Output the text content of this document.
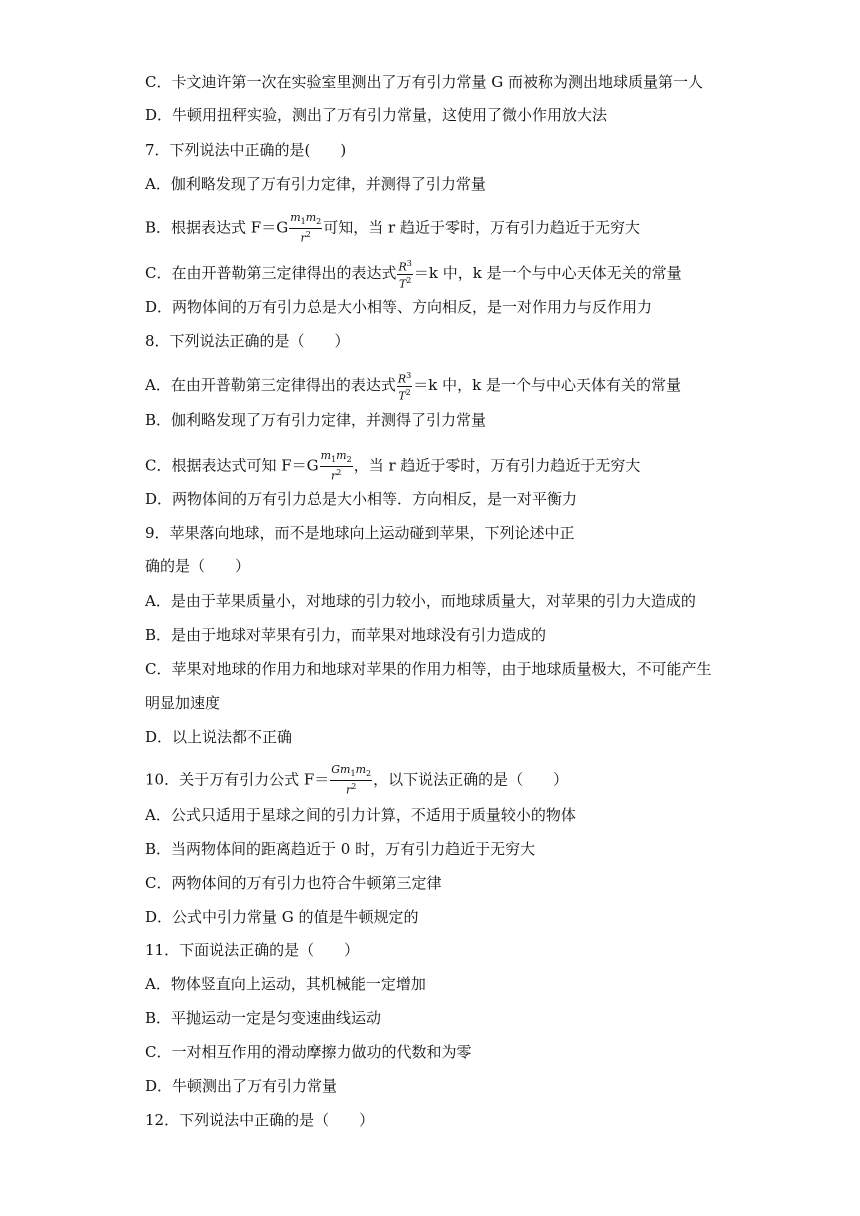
C．卡文迪许第一次在实验室里测出了万有引力常量 G 而被称为测出地球质量第一人
D．牛顿用扭秤实验，测出了万有引力常量，这使用了微小作用放大法
7．下列说法中正确的是(　　)
A．伽利略发现了万有引力定律，并测得了引力常量
B．根据表达式 $F=G \frac{m_1m_2}{r^2}$ 可知，当 r 趋近于零时，万有引力趋近于无穷大
C．在由开普勒第三定律得出的表达式 $\frac{R^3}{T^2} =k$ 中，k 是一个与中心天体无关的常量
D．两物体间的万有引力总是大小相等、方向相反，是一对作用力与反作用力
8．下列说法正确的是（　　）
A．在由开普勒第三定律得出的表达式 $\frac{R^3}{T^2} =k$ 中，k 是一个与中心天体有关的常量
B．伽利略发现了万有引力定律，并测得了引力常量
C．根据表达式可知 $F=G \frac{m_1m_2}{r^2}$ ，当 r 趋近于零时，万有引力趋近于无穷大
D．两物体间的万有引力总是大小相等．方向相反，是一对平衡力
9．苹果落向地球，而不是地球向上运动碰到苹果，下列论述中正
确的是（　　）
A．是由于苹果质量小，对地球的引力较小，而地球质量大，对苹果的引力大造成的
B．是由于地球对苹果有引力，而苹果对地球没有引力造成的
C．苹果对地球的作用力和地球对苹果的作用力相等，由于地球质量极大，不可能产生
明显加速度
D．以上说法都不正确
10．关于万有引力公式 $F= \frac{Gm_1m_2}{r^2}$ ，以下说法正确的是（　　）
A．公式只适用于星球之间的引力计算，不适用于质量较小的物体
B．当两物体间的距离趋近于 0 时，万有引力趋近于无穷大
C．两物体间的万有引力也符合牛顿第三定律
D．公式中引力常量 G 的值是牛顿规定的
11．下面说法正确的是（　　）
A．物体竖直向上运动，其机械能一定增加
B．平抛运动一定是匀变速曲线运动
C．一对相互作用的滑动摩擦力做功的代数和为零
D．牛顿测出了万有引力常量
12．下列说法中正确的是（　　）
